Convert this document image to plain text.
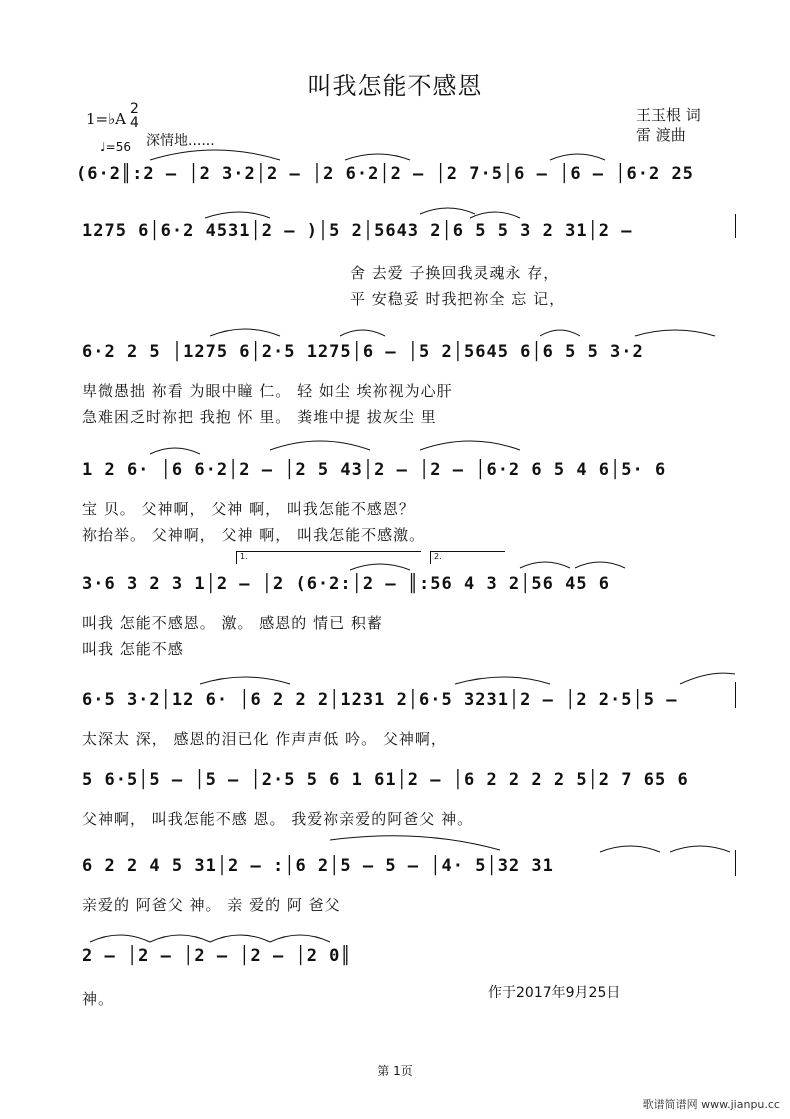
叫我怎能不感恩
王玉根 词
雷 渡曲
1=♭A
2
4
♩=56 深情地......
(6·2║:2 – │2 3·2│2 – │2 6·2│2 – │2 7·5│6 – │6 – │6·2 25
1275 6│6·2 4531│2 – )│5 2│5643 2│6 5 5 3 2 31│2 –
舍 去爱 子换回我灵魂永 存，
平 安稳妥 时我把祢全 忘 记，
6·2 2 5 │1275 6│2·5 1275│6 – │5 2│5645 6│6 5 5 3·2
卑微愚拙 祢看 为眼中瞳 仁。 轻 如尘 埃祢视为心肝
急难困乏时祢把 我抱 怀 里。 粪堆中提 拔灰尘 里
1 2 6· │6 6·2│2 – │2 5 43│2 – │2 – │6·2 6 5 4 6│5· 6
宝 贝。 父神啊， 父神 啊， 叫我怎能不感恩？
祢抬举。 父神啊， 父神 啊， 叫我怎能不感激。
1.	2.
3·6 3 2 3 1│2 – │2 (6·2:│2 – ║:56 4 3 2│56 45 6
叫我 怎能不感恩。 激。 感恩的 情已 积蓄
叫我 怎能不感
6·5 3·2│12 6· │6 2 2 2│1231 2│6·5 3231│2 – │2 2·5│5 –
太深太 深， 感恩的泪已化 作声声低 吟。 父神啊，
5 6·5│5 – │5 – │2·5 5 6 1 61│2 – │6 2 2 2 2 5│2 7 65 6
父神啊， 叫我怎能不感 恩。 我爱祢亲爱的阿爸父 神。
6 2 2 4 5 31│2 – :│6 2│5 – 5 – │4· 5│32 31
亲爱的 阿爸父 神。 亲 爱的 阿 爸父
2 – │2 – │2 – │2 – │2 0║
神。	作于2017年9月25日
第 1页
歌谱简谱网 www.jianpu.cc
